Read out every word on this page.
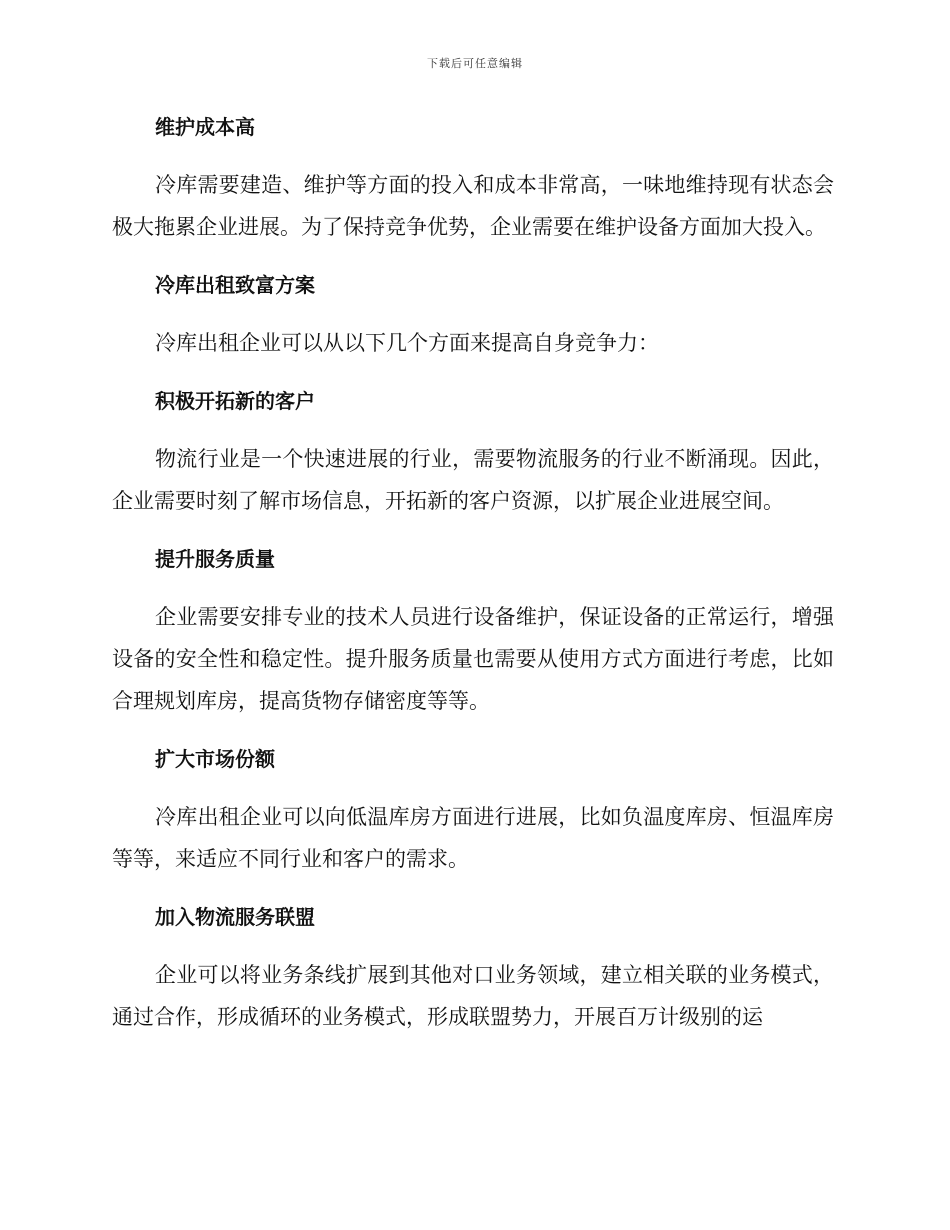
下载后可任意编辑
维护成本高

冷库需要建造、维护等方面的投入和成本非常高，一味地维持现有状态会极大拖累企业进展。为了保持竞争优势，企业需要在维护设备方面加大投入。

冷库出租致富方案

冷库出租企业可以从以下几个方面来提高自身竞争力：

积极开拓新的客户

物流行业是一个快速进展的行业，需要物流服务的行业不断涌现。因此，企业需要时刻了解市场信息，开拓新的客户资源，以扩展企业进展空间。

提升服务质量

企业需要安排专业的技术人员进行设备维护，保证设备的正常运行，增强设备的安全性和稳定性。提升服务质量也需要从使用方式方面进行考虑，比如合理规划库房，提高货物存储密度等等。

扩大市场份额

冷库出租企业可以向低温库房方面进行进展，比如负温度库房、恒温库房等等，来适应不同行业和客户的需求。

加入物流服务联盟

企业可以将业务条线扩展到其他对口业务领域，建立相关联的业务模式，通过合作，形成循环的业务模式，形成联盟势力，开展百万计级别的运
